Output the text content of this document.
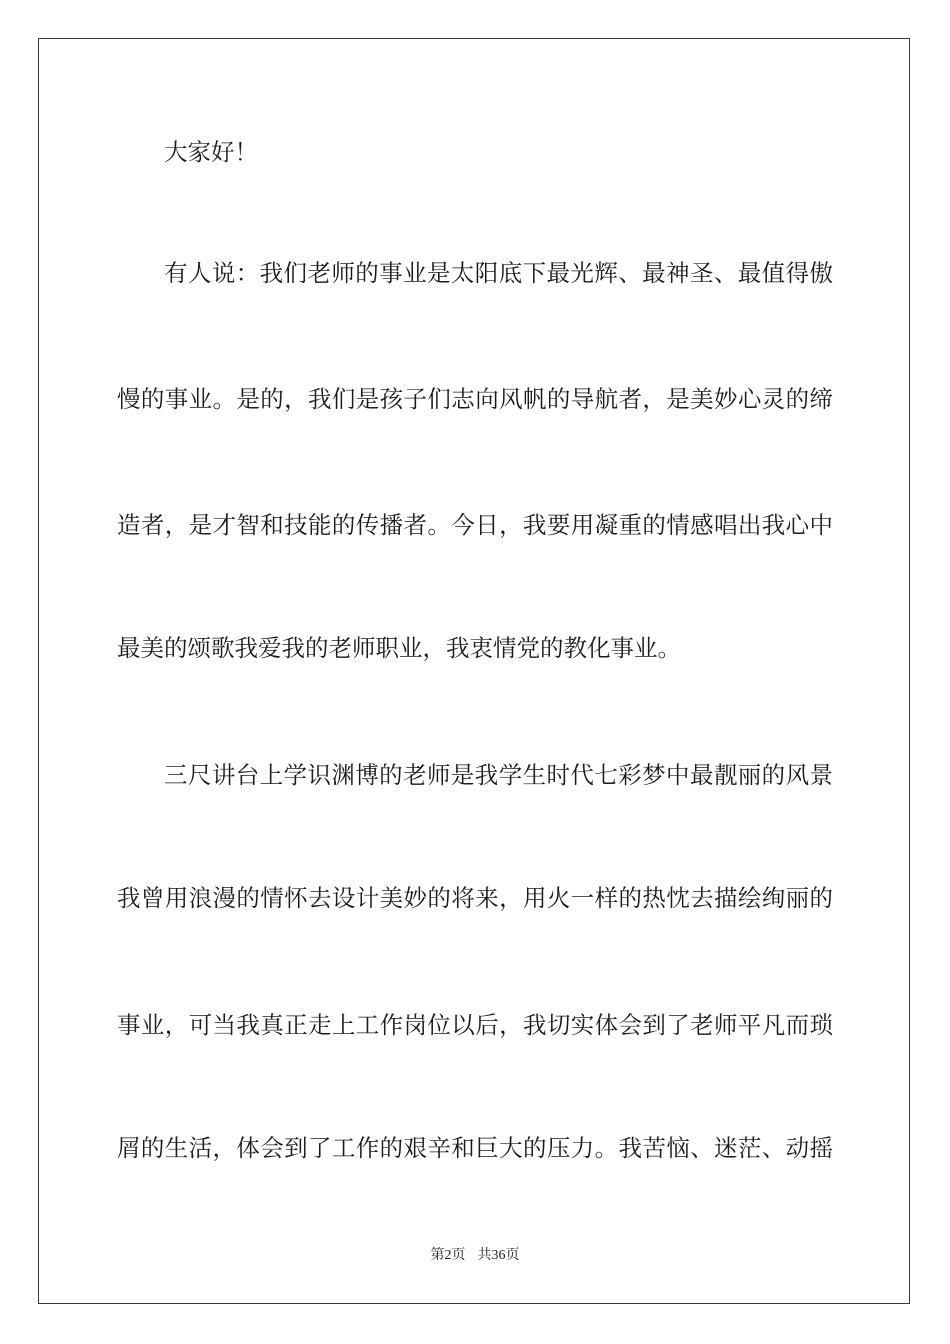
大家好！
有人说：我们老师的事业是太阳底下最光辉、最神圣、最值得傲
慢的事业。是的，我们是孩子们志向风帆的导航者，是美妙心灵的缔
造者，是才智和技能的传播者。今日，我要用凝重的情感唱出我心中
最美的颂歌我爱我的老师职业，我衷情党的教化事业。
三尺讲台上学识渊博的老师是我学生时代七彩梦中最靓丽的风景
我曾用浪漫的情怀去设计美妙的将来，用火一样的热忱去描绘绚丽的
事业，可当我真正走上工作岗位以后，我切实体会到了老师平凡而琐
屑的生活，体会到了工作的艰辛和巨大的压力。我苦恼、迷茫、动摇
第2页 共36页
